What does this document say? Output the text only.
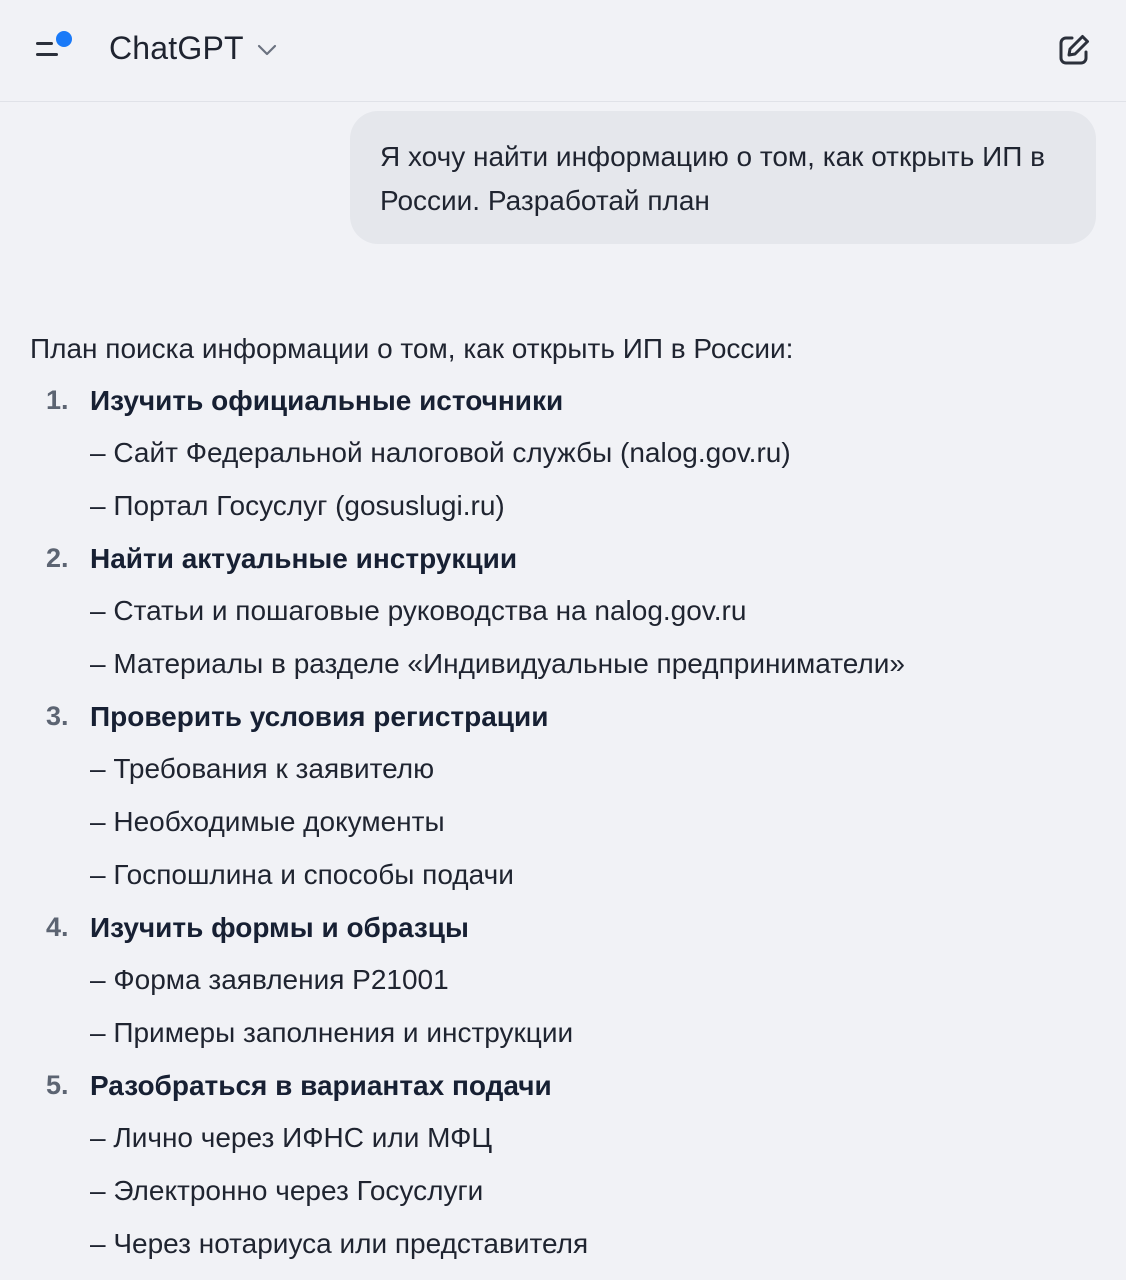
ChatGPT
Я хочу найти информацию о том, как открыть ИП в России. Разработай план

План поиска информации о том, как открыть ИП в России:

1. Изучить официальные источники
– Сайт Федеральной налоговой службы (nalog.gov.ru)
– Портал Госуслуг (gosuslugi.ru)
2. Найти актуальные инструкции
– Статьи и пошаговые руководства на nalog.gov.ru
– Материалы в разделе «Индивидуальные предприниматели»
3. Проверить условия регистрации
– Требования к заявителю
– Необходимые документы
– Госпошлина и способы подачи
4. Изучить формы и образцы
– Форма заявления Р21001
– Примеры заполнения и инструкции
5. Разобраться в вариантах подачи
– Лично через ИФНС или МФЦ
– Электронно через Госуслуги
– Через нотариуса или представителя
